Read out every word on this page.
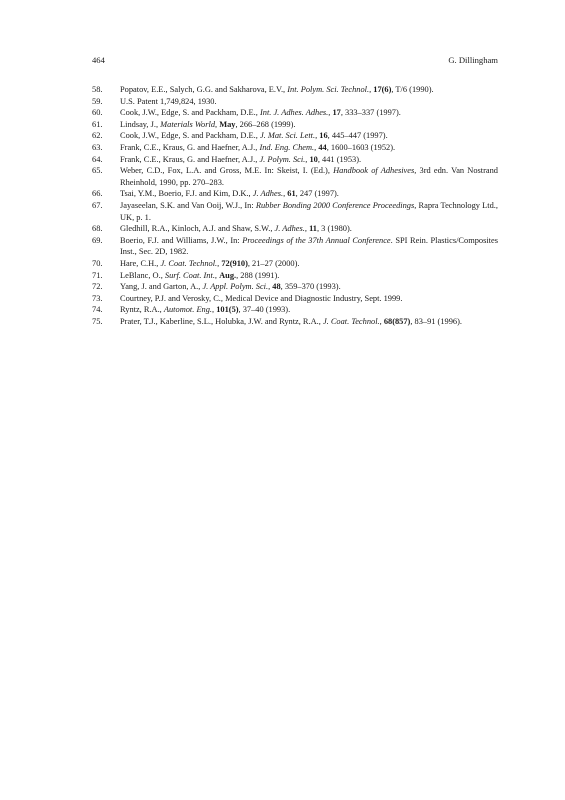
464	G. Dillingham
58.	Popatov, E.E., Salych, G.G. and Sakharova, E.V., Int. Polym. Sci. Technol., 17(6), T/6 (1990).
59.	U.S. Patent 1,749,824, 1930.
60.	Cook, J.W., Edge, S. and Packham, D.E., Int. J. Adhes. Adhes., 17, 333–337 (1997).
61.	Lindsay, J., Materials World, May, 266–268 (1999).
62.	Cook, J.W., Edge, S. and Packham, D.E., J. Mat. Sci. Lett., 16, 445–447 (1997).
63.	Frank, C.E., Kraus, G. and Haefner, A.J., Ind. Eng. Chem., 44, 1600–1603 (1952).
64.	Frank, C.E., Kraus, G. and Haefner, A.J., J. Polym. Sci., 10, 441 (1953).
65.	Weber, C.D., Fox, L.A. and Gross, M.E. In: Skeist, I. (Ed.), Handbook of Adhesives, 3rd edn. Van Nostrand Rheinhold, 1990, pp. 270–283.
66.	Tsai, Y.M., Boerio, F.J. and Kim, D.K., J. Adhes., 61, 247 (1997).
67.	Jayaseelan, S.K. and Van Ooij, W.J., In: Rubber Bonding 2000 Conference Proceedings, Rapra Technology Ltd., UK, p. 1.
68.	Gledhill, R.A., Kinloch, A.J. and Shaw, S.W., J. Adhes., 11, 3 (1980).
69.	Boerio, F.J. and Williams, J.W., In: Proceedings of the 37th Annual Conference. SPI Rein. Plastics/Composites Inst., Sec. 2D, 1982.
70.	Hare, C.H., J. Coat. Technol., 72(910), 21–27 (2000).
71.	LeBlanc, O., Surf. Coat. Int., Aug., 288 (1991).
72.	Yang, J. and Garton, A., J. Appl. Polym. Sci., 48, 359–370 (1993).
73.	Courtney, P.J. and Verosky, C., Medical Device and Diagnostic Industry, Sept. 1999.
74.	Ryntz, R.A., Automot. Eng., 101(5), 37–40 (1993).
75.	Prater, T.J., Kaberline, S.L., Holubka, J.W. and Ryntz, R.A., J. Coat. Technol., 68(857), 83–91 (1996).
